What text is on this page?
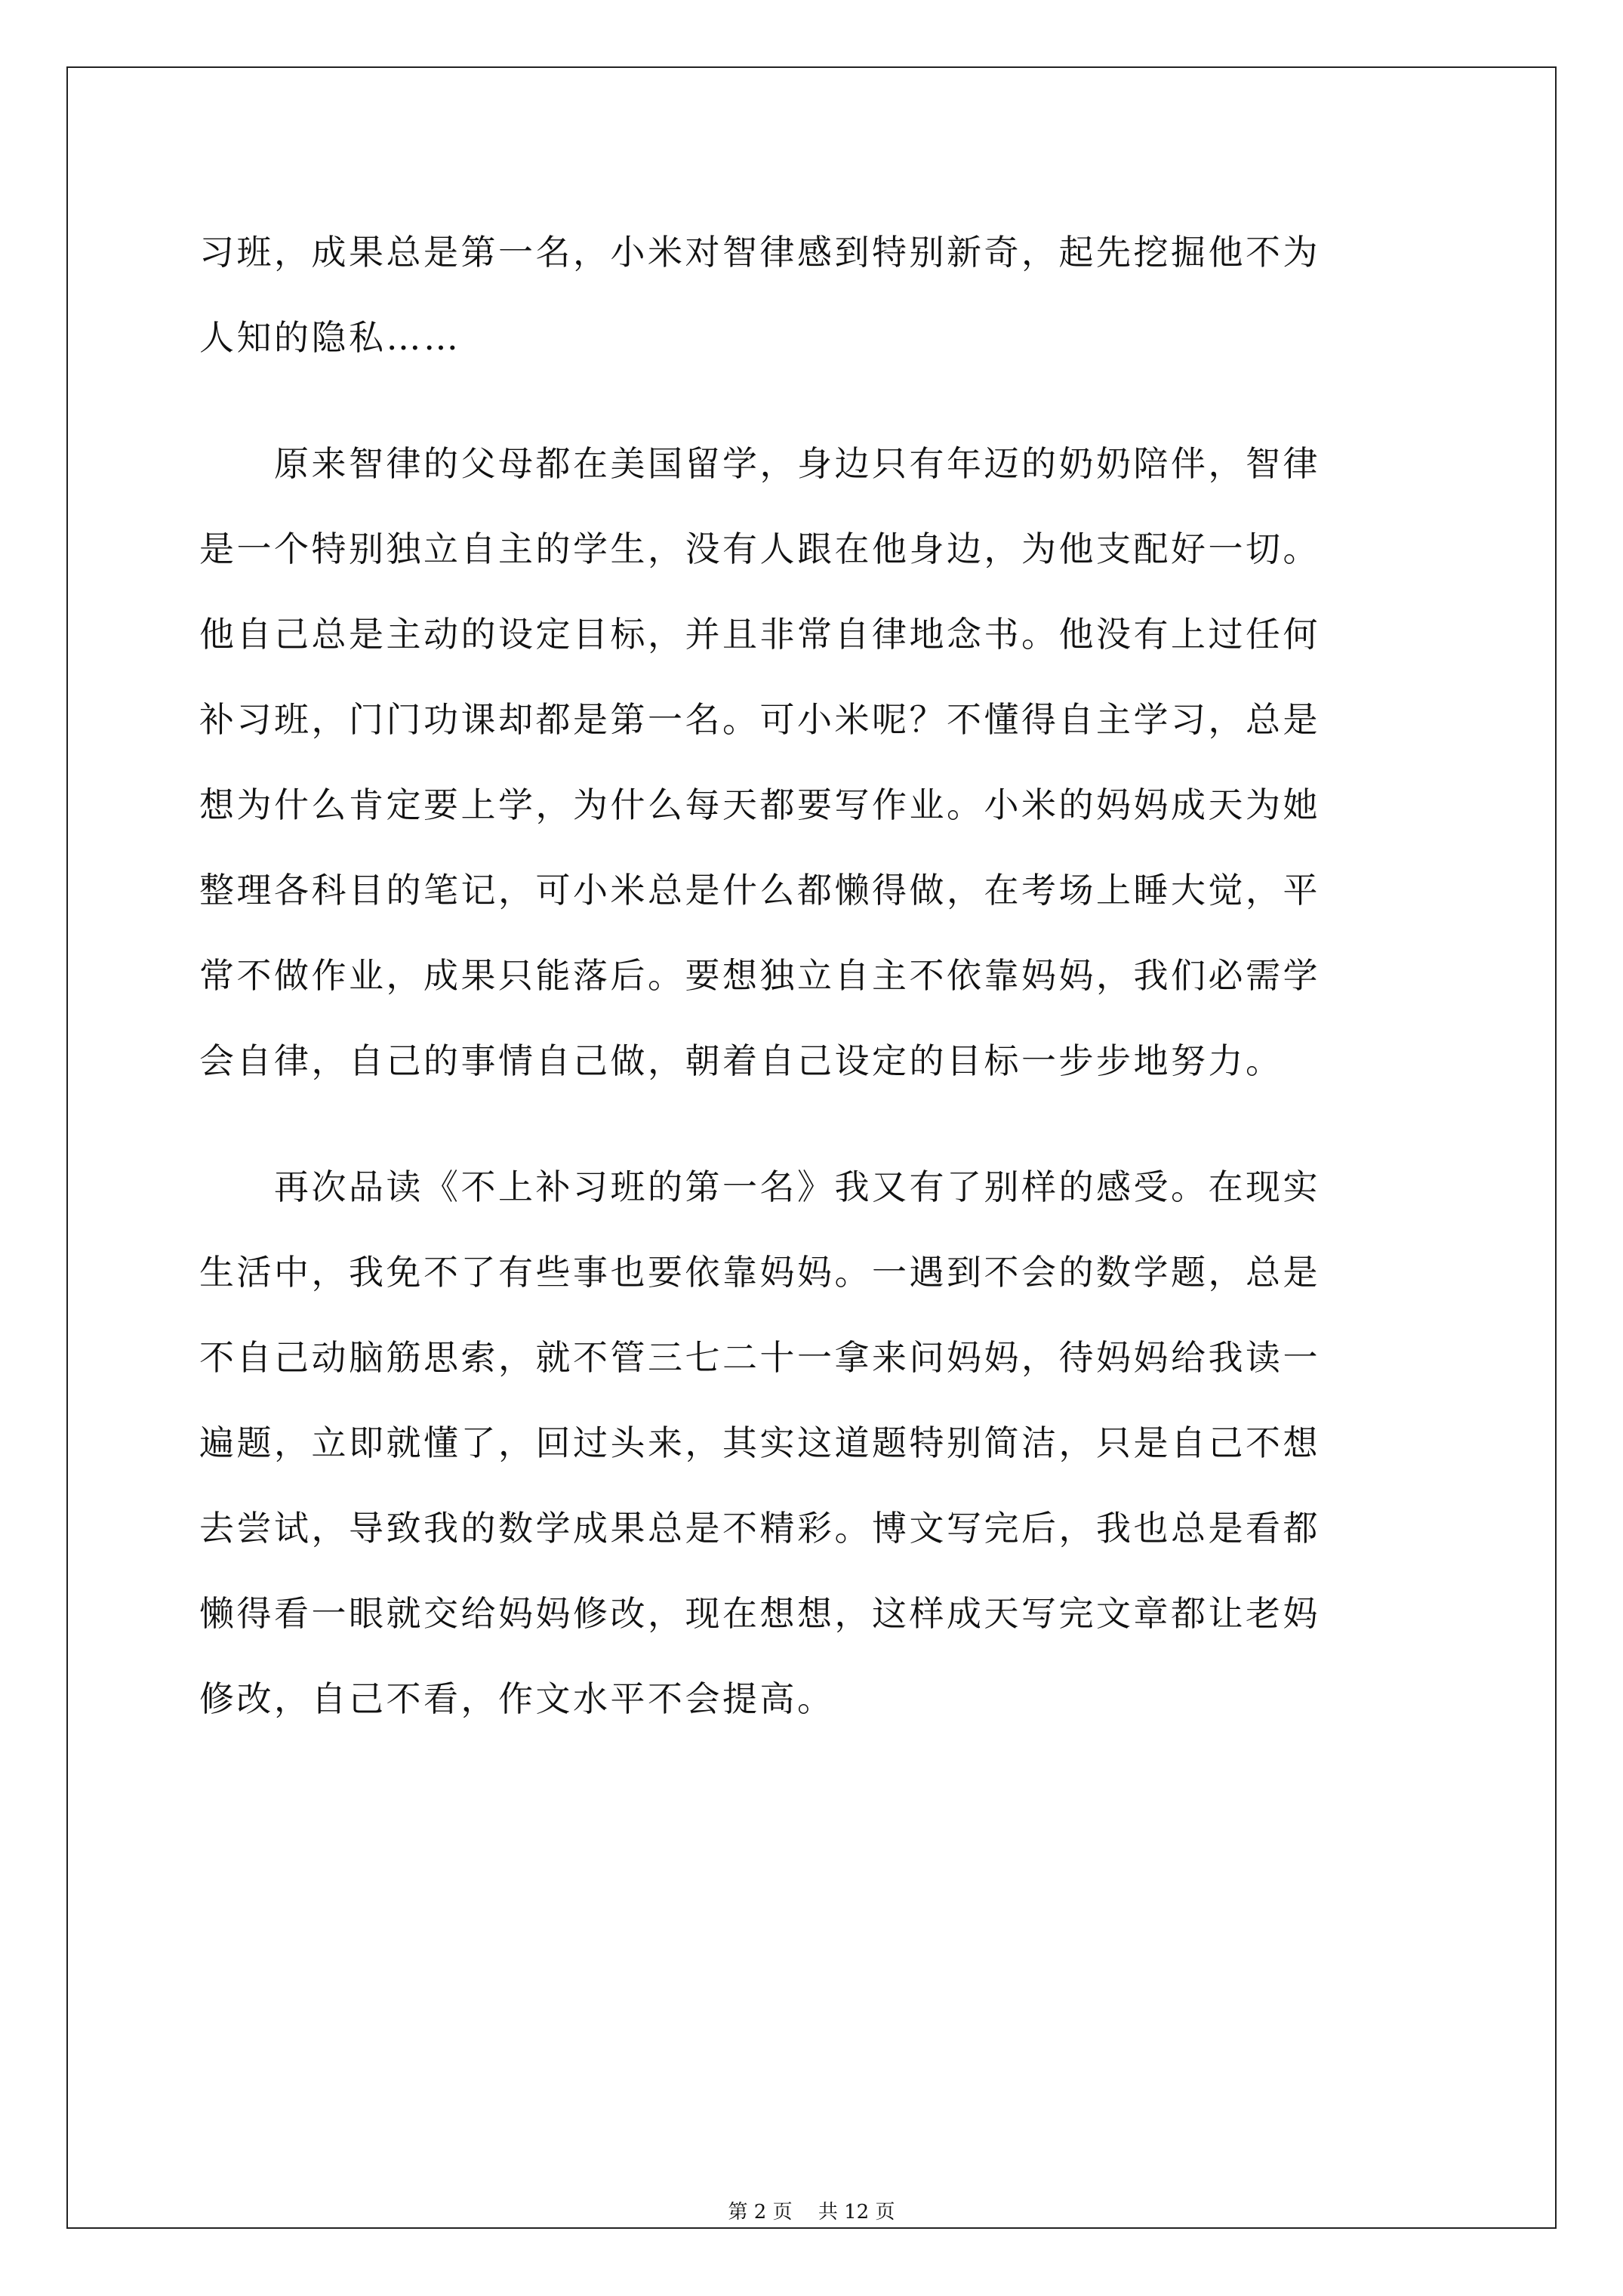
习班，成果总是第一名，小米对智律感到特别新奇，起先挖掘他不为
人知的隐私……
　　原来智律的父母都在美国留学，身边只有年迈的奶奶陪伴，智律
是一个特别独立自主的学生，没有人跟在他身边，为他支配好一切。
他自己总是主动的设定目标，并且非常自律地念书。他没有上过任何
补习班，门门功课却都是第一名。可小米呢？不懂得自主学习，总是
想为什么肯定要上学，为什么每天都要写作业。小米的妈妈成天为她
整理各科目的笔记，可小米总是什么都懒得做，在考场上睡大觉，平
常不做作业，成果只能落后。要想独立自主不依靠妈妈，我们必需学
会自律，自己的事情自己做，朝着自己设定的目标一步步地努力。
　　再次品读《不上补习班的第一名》我又有了别样的感受。在现实
生活中，我免不了有些事也要依靠妈妈。一遇到不会的数学题，总是
不自己动脑筋思索，就不管三七二十一拿来问妈妈，待妈妈给我读一
遍题，立即就懂了，回过头来，其实这道题特别简洁，只是自己不想
去尝试，导致我的数学成果总是不精彩。博文写完后，我也总是看都
懒得看一眼就交给妈妈修改，现在想想，这样成天写完文章都让老妈
修改，自己不看，作文水平不会提高。
第 2 页　 共 12 页
